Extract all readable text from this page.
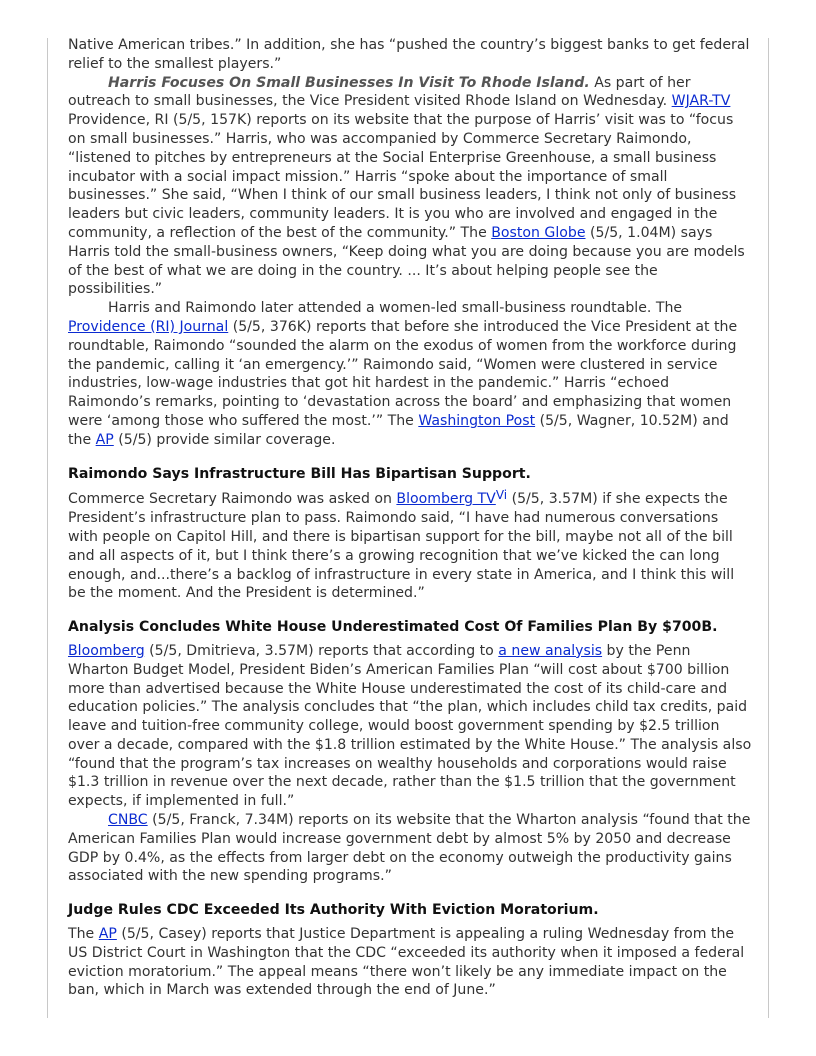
Native American tribes.” In addition, she has “pushed the country’s biggest banks to get federal relief to the smallest players.”

Harris Focuses On Small Businesses In Visit To Rhode Island. As part of her outreach to small businesses, the Vice President visited Rhode Island on Wednesday. WJAR-TV Providence, RI (5/5, 157K) reports on its website that the purpose of Harris’ visit was to “focus on small businesses.” Harris, who was accompanied by Commerce Secretary Raimondo, “listened to pitches by entrepreneurs at the Social Enterprise Greenhouse, a small business incubator with a social impact mission.” Harris “spoke about the importance of small businesses.” She said, “When I think of our small business leaders, I think not only of business leaders but civic leaders, community leaders. It is you who are involved and engaged in the community, a reflection of the best of the community.” The Boston Globe (5/5, 1.04M) says Harris told the small-business owners, “Keep doing what you are doing because you are models of the best of what we are doing in the country. ... It’s about helping people see the possibilities.”

Harris and Raimondo later attended a women-led small-business roundtable. The Providence (RI) Journal (5/5, 376K) reports that before she introduced the Vice President at the roundtable, Raimondo “sounded the alarm on the exodus of women from the workforce during the pandemic, calling it ‘an emergency.’” Raimondo said, “Women were clustered in service industries, low-wage industries that got hit hardest in the pandemic.” Harris “echoed Raimondo’s remarks, pointing to ‘devastation across the board’ and emphasizing that women were ‘among those who suffered the most.’” The Washington Post (5/5, Wagner, 10.52M) and the AP (5/5) provide similar coverage.

Raimondo Says Infrastructure Bill Has Bipartisan Support.

Commerce Secretary Raimondo was asked on Bloomberg $TV^{Vi}$ (5/5, 3.57M) if she expects the President’s infrastructure plan to pass. Raimondo said, “I have had numerous conversations with people on Capitol Hill, and there is bipartisan support for the bill, maybe not all of the bill and all aspects of it, but I think there’s a growing recognition that we’ve kicked the can long enough, and...there’s a backlog of infrastructure in every state in America, and I think this will be the moment. And the President is determined.”

Analysis Concludes White House Underestimated Cost Of Families Plan By $700B.

Bloomberg (5/5, Dmitrieva, 3.57M) reports that according to a new analysis by the Penn Wharton Budget Model, President Biden’s American Families Plan “will cost about $700 billion more than advertised because the White House underestimated the cost of its child-care and education policies.” The analysis concludes that “the plan, which includes child tax credits, paid leave and tuition-free community college, would boost government spending by $2.5 trillion over a decade, compared with the $1.8 trillion estimated by the White House.” The analysis also “found that the program’s tax increases on wealthy households and corporations would raise $1.3 trillion in revenue over the next decade, rather than the $1.5 trillion that the government expects, if implemented in full.”

CNBC (5/5, Franck, 7.34M) reports on its website that the Wharton analysis “found that the American Families Plan would increase government debt by almost 5% by 2050 and decrease GDP by 0.4%, as the effects from larger debt on the economy outweigh the productivity gains associated with the new spending programs.”

Judge Rules CDC Exceeded Its Authority With Eviction Moratorium.

The AP (5/5, Casey) reports that Justice Department is appealing a ruling Wednesday from the US District Court in Washington that the CDC “exceeded its authority when it imposed a federal eviction moratorium.” The appeal means “there won’t likely be any immediate impact on the ban, which in March was extended through the end of June.”
